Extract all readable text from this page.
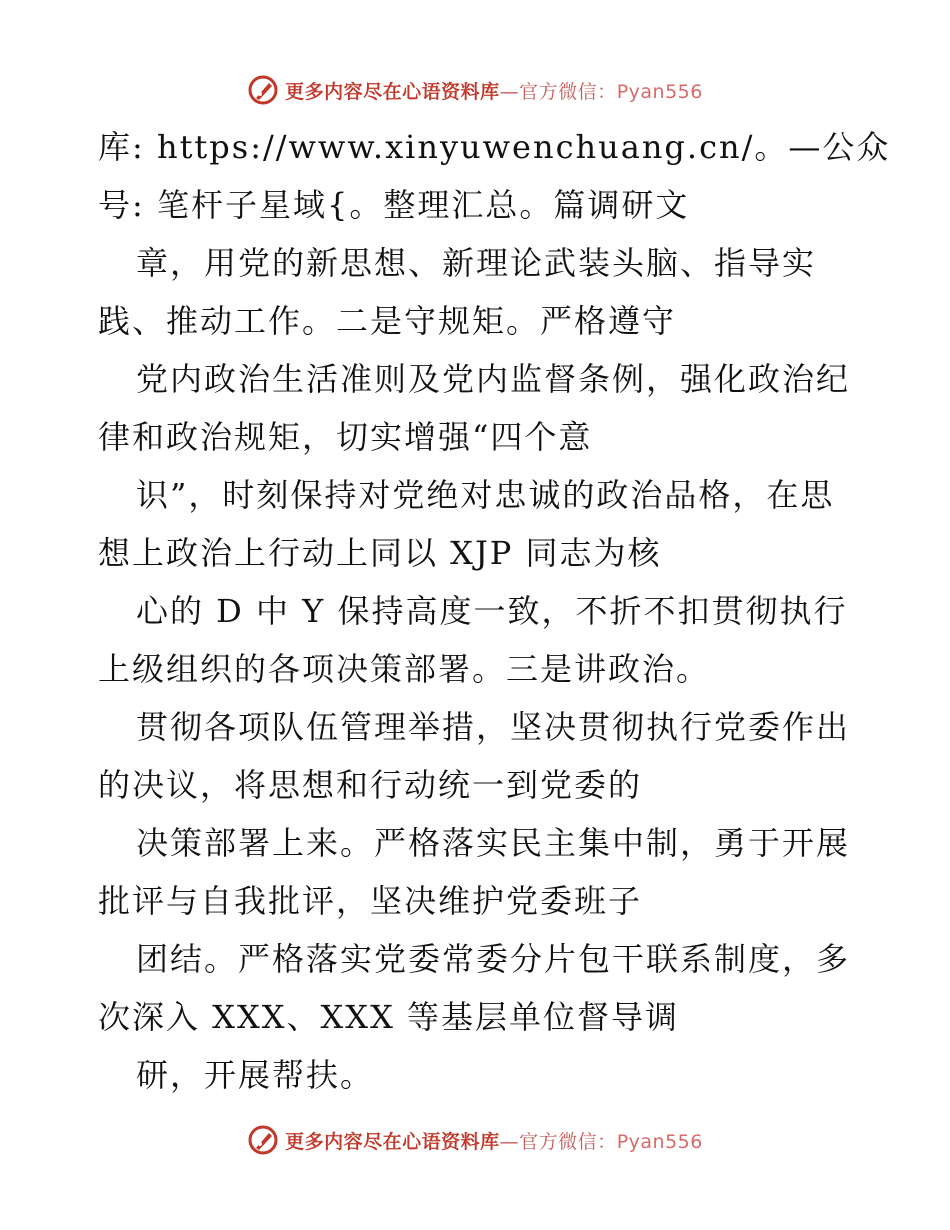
更多内容尽在心语资料库—官方微信：Pyan556
库: https://www.xinyuwenchuang.cn/。—公众
号: 笔杆子星域{。整理汇总。篇调研文
章，用党的新思想、新理论武装头脑、指导实
践、推动工作。二是守规矩。严格遵守
党内政治生活准则及党内监督条例，强化政治纪
律和政治规矩，切实增强“四个意
识”，时刻保持对党绝对忠诚的政治品格，在思
想上政治上行动上同以 XJP 同志为核
心的 D 中 Y 保持高度一致，不折不扣贯彻执行
上级组织的各项决策部署。三是讲政治。
贯彻各项队伍管理举措，坚决贯彻执行党委作出
的决议，将思想和行动统一到党委的
决策部署上来。严格落实民主集中制，勇于开展
批评与自我批评，坚决维护党委班子
团结。严格落实党委常委分片包干联系制度，多
次深入 XXX、XXX 等基层单位督导调
研，开展帮扶。
更多内容尽在心语资料库—官方微信：Pyan556
